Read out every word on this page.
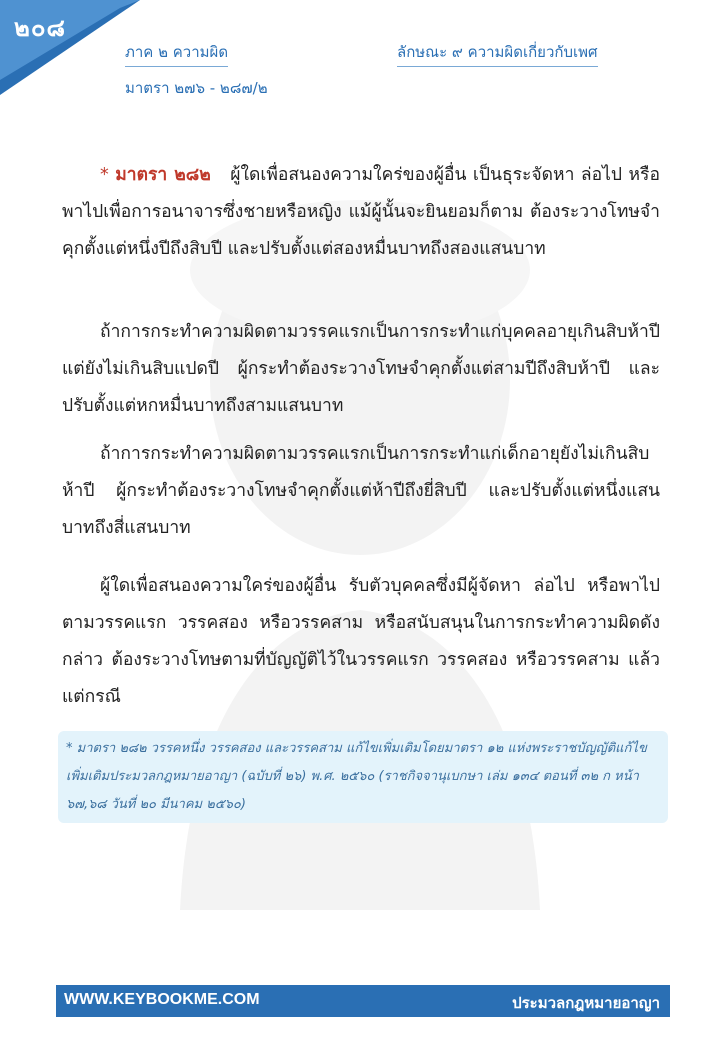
๒๐๘
ภาค ๒ ความผิด
มาตรา ๒๗๖ - ๒๘๗/๒
ลักษณะ ๙ ความผิดเกี่ยวกับเพศ
* มาตรา ๒๘๒ ผู้ใดเพื่อสนองความใคร่ของผู้อื่น เป็นธุระจัดหา ล่อไป หรือพาไปเพื่อการอนาจารซึ่งชายหรือหญิง แม้ผู้นั้นจะยินยอมก็ตาม ต้องระวางโทษจำคุกตั้งแต่หนึ่งปีถึงสิบปี และปรับตั้งแต่สองหมื่นบาทถึงสองแสนบาท
ถ้าการกระทำความผิดตามวรรคแรกเป็นการกระทำแก่บุคคลอายุเกินสิบห้าปีแต่ยังไม่เกินสิบแปดปี ผู้กระทำต้องระวางโทษจำคุกตั้งแต่สามปีถึงสิบห้าปี และปรับตั้งแต่หกหมื่นบาทถึงสามแสนบาท
ถ้าการกระทำความผิดตามวรรคแรกเป็นการกระทำแก่เด็กอายุยังไม่เกินสิบห้าปี ผู้กระทำต้องระวางโทษจำคุกตั้งแต่ห้าปีถึงยี่สิบปี และปรับตั้งแต่หนึ่งแสนบาทถึงสี่แสนบาท
ผู้ใดเพื่อสนองความใคร่ของผู้อื่น รับตัวบุคคลซึ่งมีผู้จัดหา ล่อไป หรือพาไปตามวรรคแรก วรรคสอง หรือวรรคสาม หรือสนับสนุนในการกระทำความผิดดังกล่าว ต้องระวางโทษตามที่บัญญัติไว้ในวรรคแรก วรรคสอง หรือวรรคสาม แล้วแต่กรณี
* มาตรา ๒๘๒ วรรคหนึ่ง วรรคสอง และวรรคสาม แก้ไขเพิ่มเติมโดยมาตรา ๑๒ แห่งพระราชบัญญัติแก้ไขเพิ่มเติมประมวลกฎหมายอาญา (ฉบับที่ ๒๖) พ.ศ. ๒๕๖๐ (ราชกิจจานุเบกษา เล่ม ๑๓๔ ตอนที่ ๓๒ ก หน้า ๖๗,๖๘ วันที่ ๒๐ มีนาคม ๒๕๖๐)
WWW.KEYBOOKME.COM	ประมวลกฎหมายอาญา
